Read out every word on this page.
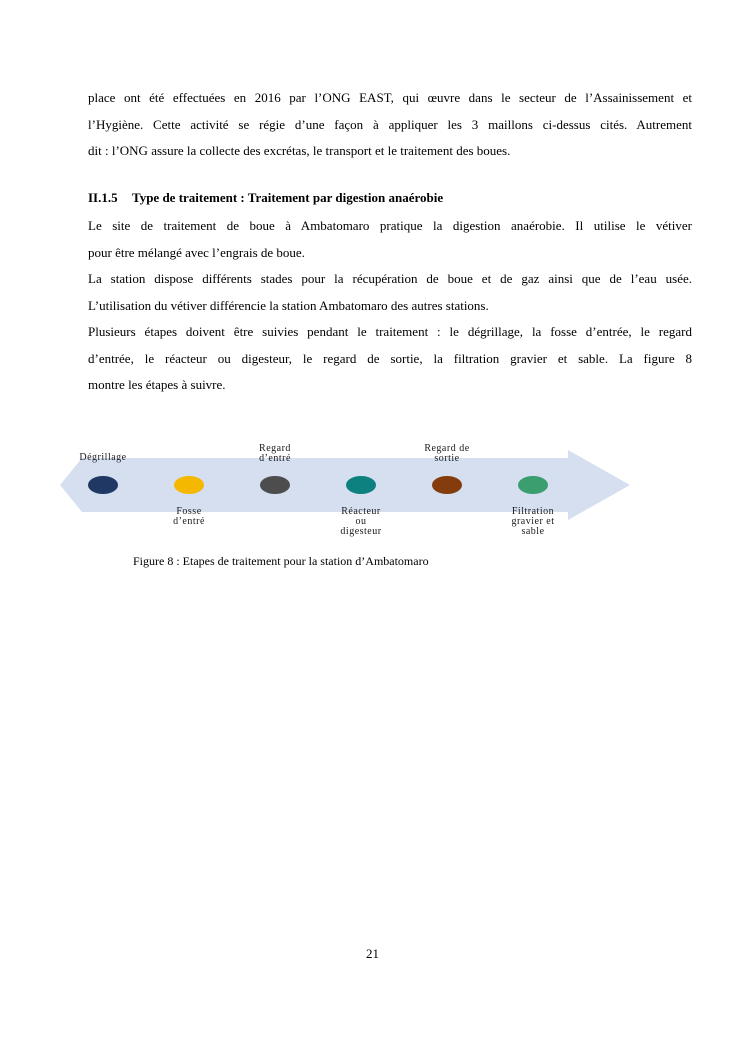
place ont été effectuées en 2016 par l’ONG EAST, qui œuvre dans le secteur de l’Assainissement et
l’Hygiène. Cette activité se régie d’une façon à appliquer les 3 maillons ci-dessus cités. Autrement
dit : l’ONG assure la collecte des excrétas, le transport et le traitement des boues.
II.1.5 Type de traitement : Traitement par digestion anaérobie
Le site de traitement de boue à Ambatomaro pratique la digestion anaérobie. Il utilise le vétiver
pour être mélangé avec l’engrais de boue.
La station dispose différents stades pour la récupération de boue et de gaz ainsi que de l’eau usée.
L’utilisation du vétiver différencie la station Ambatomaro des autres stations.
Plusieurs étapes doivent être suivies pendant le traitement : le dégrillage, la fosse d’entrée, le regard
d’entrée, le réacteur ou digesteur, le regard de sortie, la filtration gravier et sable. La figure 8
montre les étapes à suivre.
Dégrillage
Fosse d’entré
Regard d’entré
Réacteur ou digesteur
Regard de sortie
Filtration gravier et sable
Figure 8 : Etapes de traitement pour la station d’Ambatomaro
21
